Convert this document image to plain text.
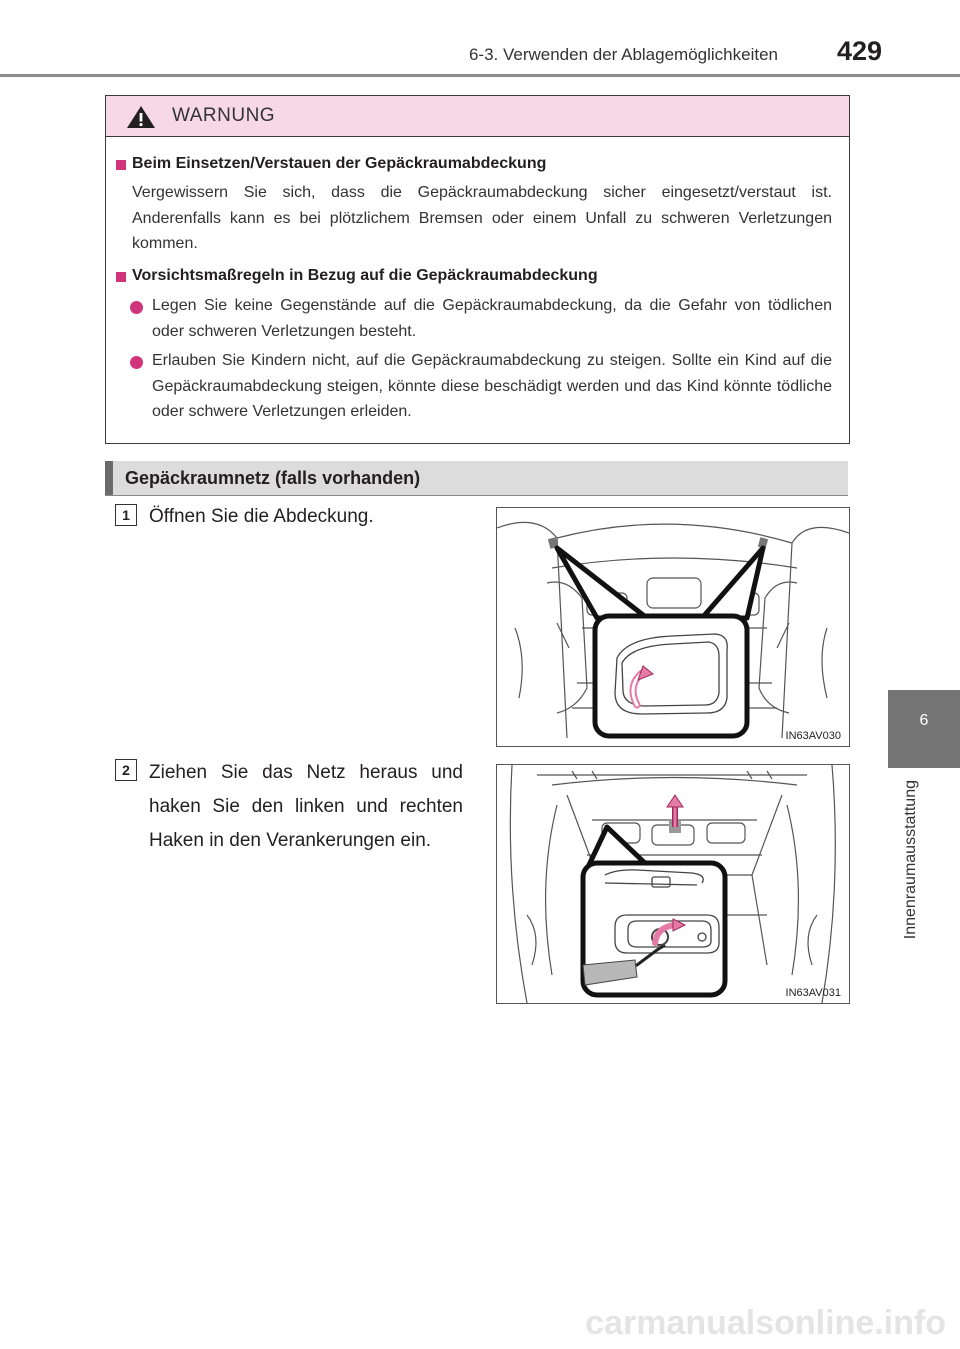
6-3. Verwenden der Ablagemöglichkeiten 429
6
Innenraumausstattung
WARNUNG
Beim Einsetzen/Verstauen der Gepäckraumabdeckung
Vergewissern Sie sich, dass die Gepäckraumabdeckung sicher eingesetzt/verstaut ist. Anderenfalls kann es bei plötzlichem Bremsen oder einem Unfall zu schweren Verletzungen kommen.
Vorsichtsmaßregeln in Bezug auf die Gepäckraumabdeckung
Legen Sie keine Gegenstände auf die Gepäckraumabdeckung, da die Gefahr von tödlichen oder schweren Verletzungen besteht.
Erlauben Sie Kindern nicht, auf die Gepäckraumabdeckung zu steigen. Sollte ein Kind auf die Gepäckraumabdeckung steigen, könnte diese beschädigt werden und das Kind könnte tödliche oder schwere Verletzungen erleiden.
Gepäckraumnetz (falls vorhanden)
1	Öffnen Sie die Abdeckung.
IN63AV030
2	Ziehen Sie das Netz heraus und haken Sie den linken und rechten Haken in den Verankerungen ein.
IN63AV031
carmanualsonline.info
